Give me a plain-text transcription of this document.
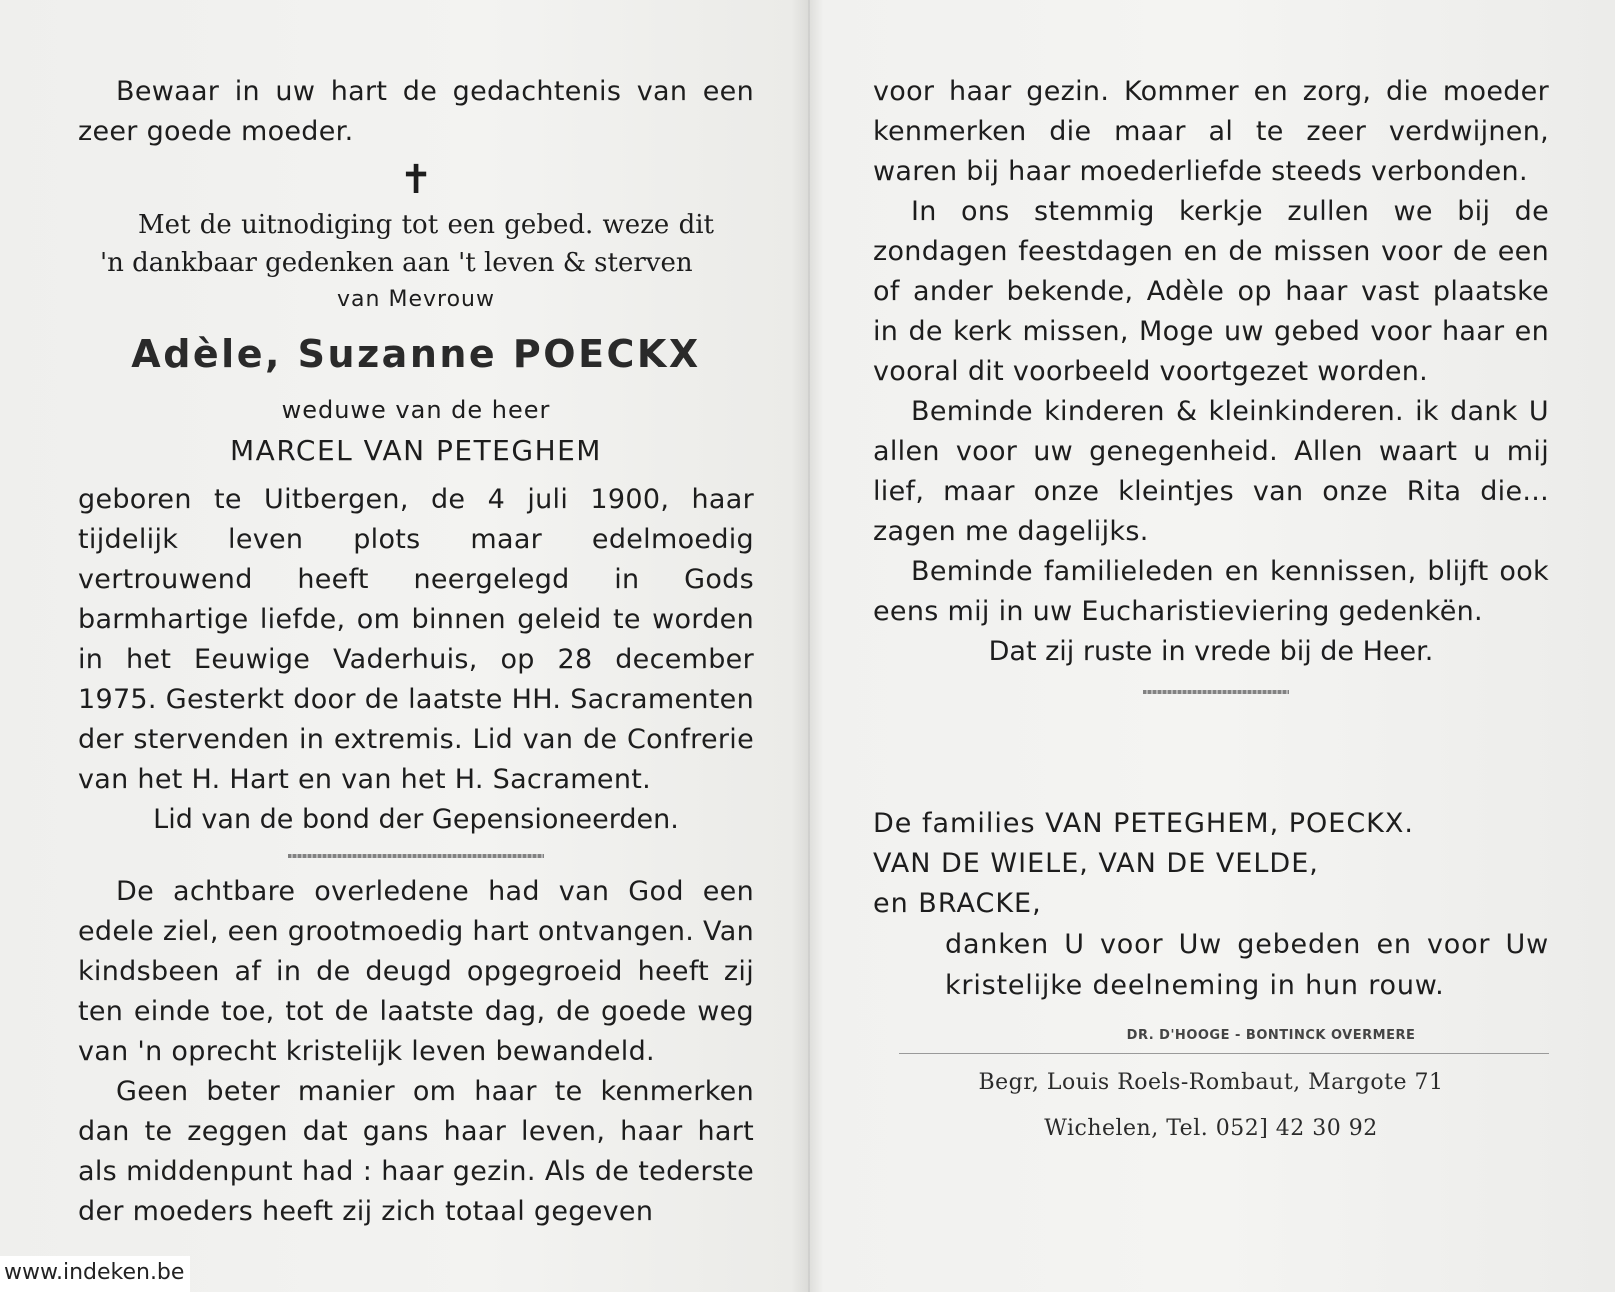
Bewaar in uw hart de gedachtenis van een zeer goede moeder.

✝

Met de uitnodiging tot een gebed. weze dit 'n dankbaar gedenken aan 't leven & sterven

van Mevrouw

Adèle, Suzanne POECKX

weduwe van de heer

MARCEL VAN PETEGHEM

geboren te Uitbergen, de 4 juli 1900, haar tijdelijk leven plots maar edelmoedig vertrouwend heeft neergelegd in Gods barmhartige liefde, om binnen geleid te worden in het Eeuwige Vaderhuis, op 28 december 1975. Gesterkt door de laatste HH. Sacramenten der stervenden in extremis. Lid van de Confrerie van het H. Hart en van het H. Sacrament.

Lid van de bond der Gepensioneerden.

De achtbare overledene had van God een edele ziel, een grootmoedig hart ontvangen. Van kindsbeen af in de deugd opgegroeid heeft zij ten einde toe, tot de laatste dag, de goede weg van 'n oprecht kristelijk leven bewandeld.

Geen beter manier om haar te kenmerken dan te zeggen dat gans haar leven, haar hart als middenpunt had : haar gezin. Als de tederste der moeders heeft zij zich totaal gegeven

voor haar gezin. Kommer en zorg, die moeder kenmerken die maar al te zeer verdwijnen, waren bij haar moederliefde steeds verbonden.

In ons stemmig kerkje zullen we bij de zondagen feestdagen en de missen voor de een of ander bekende, Adèle op haar vast plaatske in de kerk missen, Moge uw gebed voor haar en vooral dit voorbeeld voortgezet worden.

Beminde kinderen & kleinkinderen. ik dank U allen voor uw genegenheid. Allen waart u mij lief, maar onze kleintjes van onze Rita die... zagen me dagelijks.

Beminde familieleden en kennissen, blijft ook eens mij in uw Eucharistieviering gedenkën.

Dat zij ruste in vrede bij de Heer.

De families VAN PETEGHEM, POECKX.

VAN DE WIELE, VAN DE VELDE,

en BRACKE,

danken U voor Uw gebeden en voor Uw kristelijke deelneming in hun rouw.

DR. D'HOOGE - BONTINCK OVERMERE

Begr, Louis Roels-Rombaut, Margote 71

Wichelen, Tel. 052] 42 30 92

www.indeken.be
